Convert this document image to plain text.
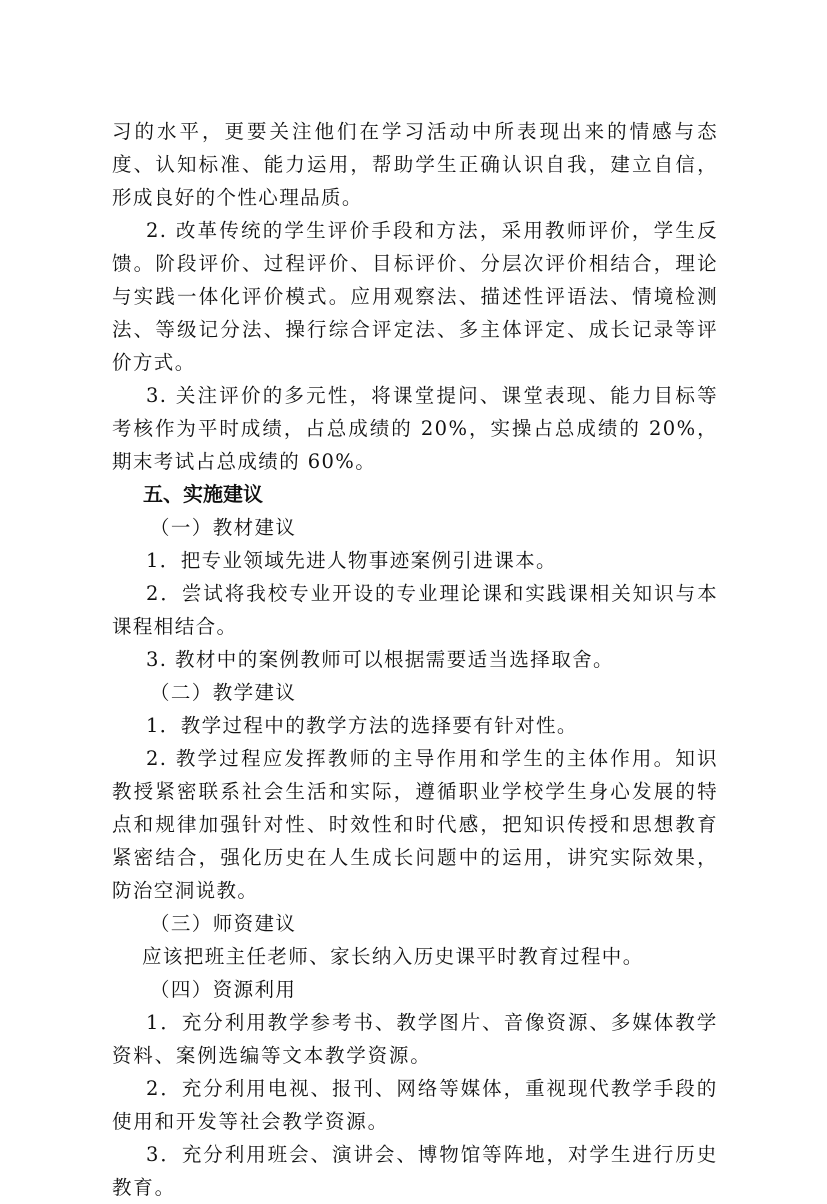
习的水平，更要关注他们在学习活动中所表现出来的情感与态度、认知标准、能力运用，帮助学生正确认识自我，建立自信，形成良好的个性心理品质。

2. 改革传统的学生评价手段和方法，采用教师评价，学生反馈。阶段评价、过程评价、目标评价、分层次评价相结合，理论与实践一体化评价模式。应用观察法、描述性评语法、情境检测法、等级记分法、操行综合评定法、多主体评定、成长记录等评价方式。

3. 关注评价的多元性，将课堂提问、课堂表现、能力目标等考核作为平时成绩，占总成绩的 20%，实操占总成绩的 20%，期末考试占总成绩的 60%。

五、实施建议

（一）教材建议

1．把专业领域先进人物事迹案例引进课本。

2．尝试将我校专业开设的专业理论课和实践课相关知识与本课程相结合。

3. 教材中的案例教师可以根据需要适当选择取舍。

（二）教学建议

1．教学过程中的教学方法的选择要有针对性。

2. 教学过程应发挥教师的主导作用和学生的主体作用。知识教授紧密联系社会生活和实际，遵循职业学校学生身心发展的特点和规律加强针对性、时效性和时代感，把知识传授和思想教育紧密结合，强化历史在人生成长问题中的运用，讲究实际效果，防治空洞说教。

（三）师资建议

应该把班主任老师、家长纳入历史课平时教育过程中。

（四）资源利用

1．充分利用教学参考书、教学图片、音像资源、多媒体教学资料、案例选编等文本教学资源。

2．充分利用电视、报刊、网络等媒体，重视现代教学手段的使用和开发等社会教学资源。

3．充分利用班会、演讲会、博物馆等阵地，对学生进行历史教育。
